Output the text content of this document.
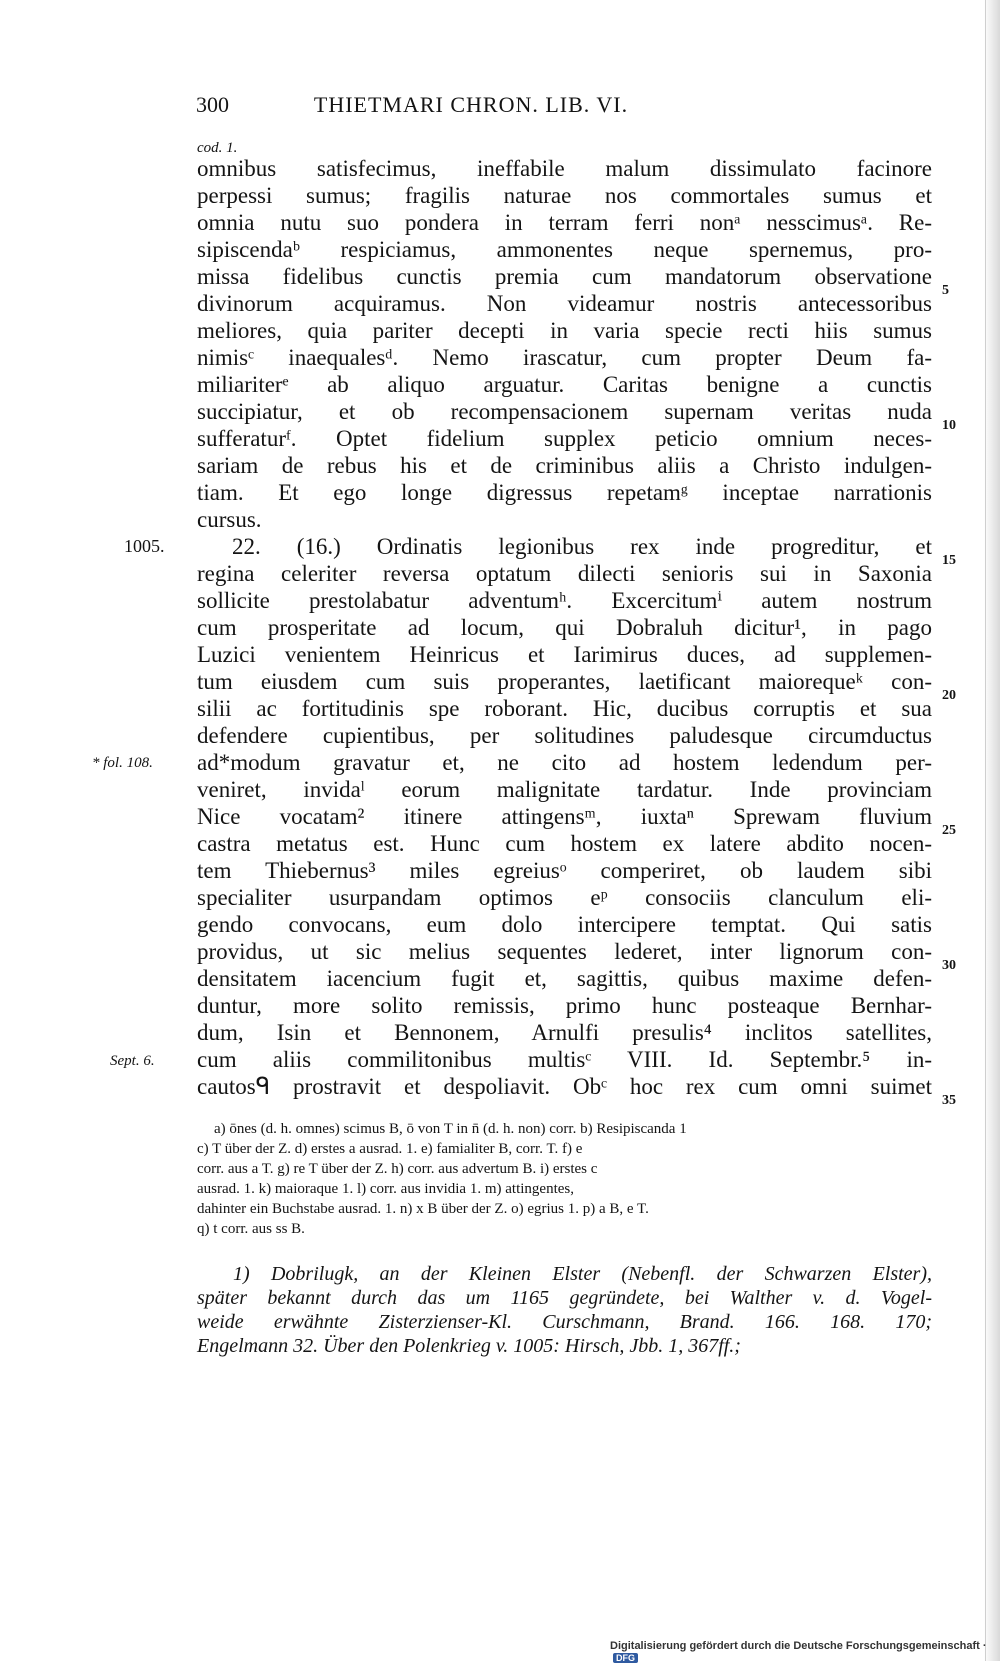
300	THIETMARI CHRON. LIB. VI.
cod. 1.
omnibus satisfecimus, ineffabile malum dissimulato facinore
perpessi sumus; fragilis naturae nos commortales sumus et
omnia nutu suo pondera in terram ferri nonᵃ nesscimusᵃ. Re-
sipiscendaᵇ respiciamus, ammonentes neque spernemus, pro-
missa fidelibus cunctis premia cum mandatorum observatione
divinorum acquiramus. Non videamur nostris antecessoribus
meliores, quia pariter decepti in varia specie recti hiis sumus
nimisᶜ inaequalesᵈ. Nemo irascatur, cum propter Deum fa-
miliariterᵉ ab aliquo arguatur. Caritas benigne a cunctis
succipiatur, et ob recompensacionem supernam veritas nuda
sufferaturᶠ. Optet fidelium supplex peticio omnium neces-
sariam de rebus his et de criminibus aliis a Christo indulgen-
tiam. Et ego longe digressus repetamᵍ inceptae narrationis
cursus.
22. (16.) Ordinatis legionibus rex inde progreditur, et
regina celeriter reversa optatum dilecti senioris sui in Saxonia
sollicite prestolabatur adventumʰ. Excercitumⁱ autem nostrum
cum prosperitate ad locum, qui Dobraluh dicitur¹, in pago
Luzici venientem Heinricus et Iarimirus duces, ad supplemen-
tum eiusdem cum suis properantes, laetificant maiorequeᵏ con-
silii ac fortitudinis spe roborant. Hic, ducibus corruptis et sua
defendere cupientibus, per solitudines paludesque circumductus
ad*modum gravatur et, ne cito ad hostem ledendum per-
veniret, invidaˡ eorum malignitate tardatur. Inde provinciam
Nice vocatam² itinere attingensᵐ, iuxtaⁿ Sprewam fluvium
castra metatus est. Hunc cum hostem ex latere abdito nocen-
tem Thiebernus³ miles egreiusᵒ comperiret, ob laudem sibi
specialiter usurpandam optimos eᵖ consociis clanculum eli-
gendo convocans, eum dolo intercipere temptat. Qui satis
providus, ut sic melius sequentes lederet, inter lignorum con-
densitatem iacencium fugit et, sagittis, quibus maxime defen-
duntur, more solito remissis, primo hunc posteaque Bernhar-
dum, Isin et Bennonem, Arnulfi presulis⁴ inclitos satellites,
cum aliis commilitonibus multisᶜ VIII. Id. Septembr.⁵ in-
cautosᑫ prostravit et despoliavit. Obᶜ hoc rex cum omni suimet
5
10
15
20
25
30
35
1005.
* fol. 108.
Sept. 6.
a) ōnes (d. h. omnes) scimus B, ō von T in n̄ (d. h. non) corr. b) Resipiscanda 1
c) T über der Z. d) erstes a ausrad. 1. e) famialiter B, corr. T. f) e
corr. aus a T. g) re T über der Z. h) corr. aus advertum B. i) erstes c
ausrad. 1. k) maioraque 1. l) corr. aus invidia 1. m) attingentes,
dahinter ein Buchstabe ausrad. 1. n) x B über der Z. o) egrius 1. p) a B, e T.
q) t corr. aus ss B.
1) Dobrilugk, an der Kleinen Elster (Nebenfl. der Schwarzen Elster),
später bekannt durch das um 1165 gegründete, bei Walther v. d. Vogel-
weide erwähnte Zisterzienser-Kl. Curschmann, Brand. 166. 168. 170;
Engelmann 32. Über den Polenkrieg v. 1005: Hirsch, Jbb. 1, 367ff.;
Digitalisierung gefördert durch die Deutsche Forschungsgemeinschaft ·DFG
